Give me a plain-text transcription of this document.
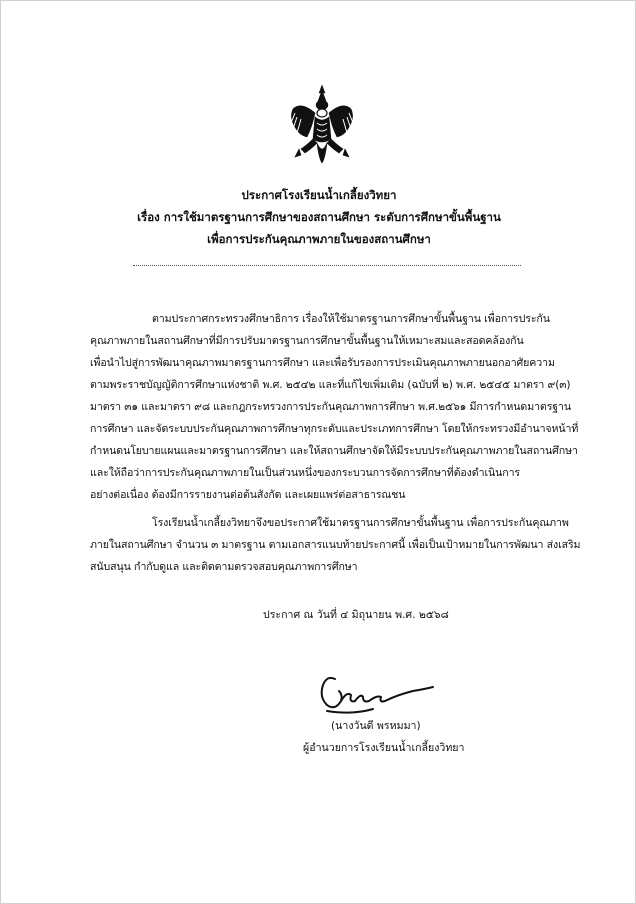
ประกาศโรงเรียนน้ำเกลี้ยงวิทยา
เรื่อง การใช้มาตรฐานการศึกษาของสถานศึกษา ระดับการศึกษาขั้นพื้นฐาน
เพื่อการประกันคุณภาพภายในของสถานศึกษา
ตามประกาศกระทรวงศึกษาธิการ เรื่องให้ใช้มาตรฐานการศึกษาขั้นพื้นฐาน เพื่อการประกัน
คุณภาพภายในสถานศึกษาที่มีการปรับมาตรฐานการศึกษาขั้นพื้นฐานให้เหมาะสมและสอดคล้องกัน
เพื่อนำไปสู่การพัฒนาคุณภาพมาตรฐานการศึกษา และเพื่อรับรองการประเมินคุณภาพภายนอกอาศัยความ
ตามพระราชบัญญัติการศึกษาแห่งชาติ พ.ศ. ๒๕๔๒ และที่แก้ไขเพิ่มเติม (ฉบับที่ ๒) พ.ศ. ๒๕๔๕ มาตรา ๙(๓)
มาตรา ๓๑ และมาตรา ๙๘ และกฎกระทรวงการประกันคุณภาพการศึกษา พ.ศ.๒๕๖๑ มีการกำหนดมาตรฐาน
การศึกษา และจัดระบบประกันคุณภาพการศึกษาทุกระดับและประเภทการศึกษา โดยให้กระทรวงมีอำนาจหน้าที่
กำหนดนโยบายแผนและมาตรฐานการศึกษา และให้สถานศึกษาจัดให้มีระบบประกันคุณภาพภายในสถานศึกษา
และให้ถือว่าการประกันคุณภาพภายในเป็นส่วนหนึ่งของกระบวนการจัดการศึกษาที่ต้องดำเนินการ
อย่างต่อเนื่อง ต้องมีการรายงานต่อต้นสังกัด และเผยแพร่ต่อสาธารณชน
โรงเรียนน้ำเกลี้ยงวิทยาจึงขอประกาศใช้มาตรฐานการศึกษาขั้นพื้นฐาน เพื่อการประกันคุณภาพ
ภายในสถานศึกษา จำนวน ๓ มาตรฐาน ตามเอกสารแนบท้ายประกาศนี้ เพื่อเป็นเป้าหมายในการพัฒนา ส่งเสริม
สนับสนุน กำกับดูแล และติดตามตรวจสอบคุณภาพการศึกษา
ประกาศ ณ วันที่ ๔ มิถุนายน พ.ศ. ๒๕๖๘
(นางวันดี พรหมมา)
ผู้อำนวยการโรงเรียนน้ำเกลี้ยงวิทยา
